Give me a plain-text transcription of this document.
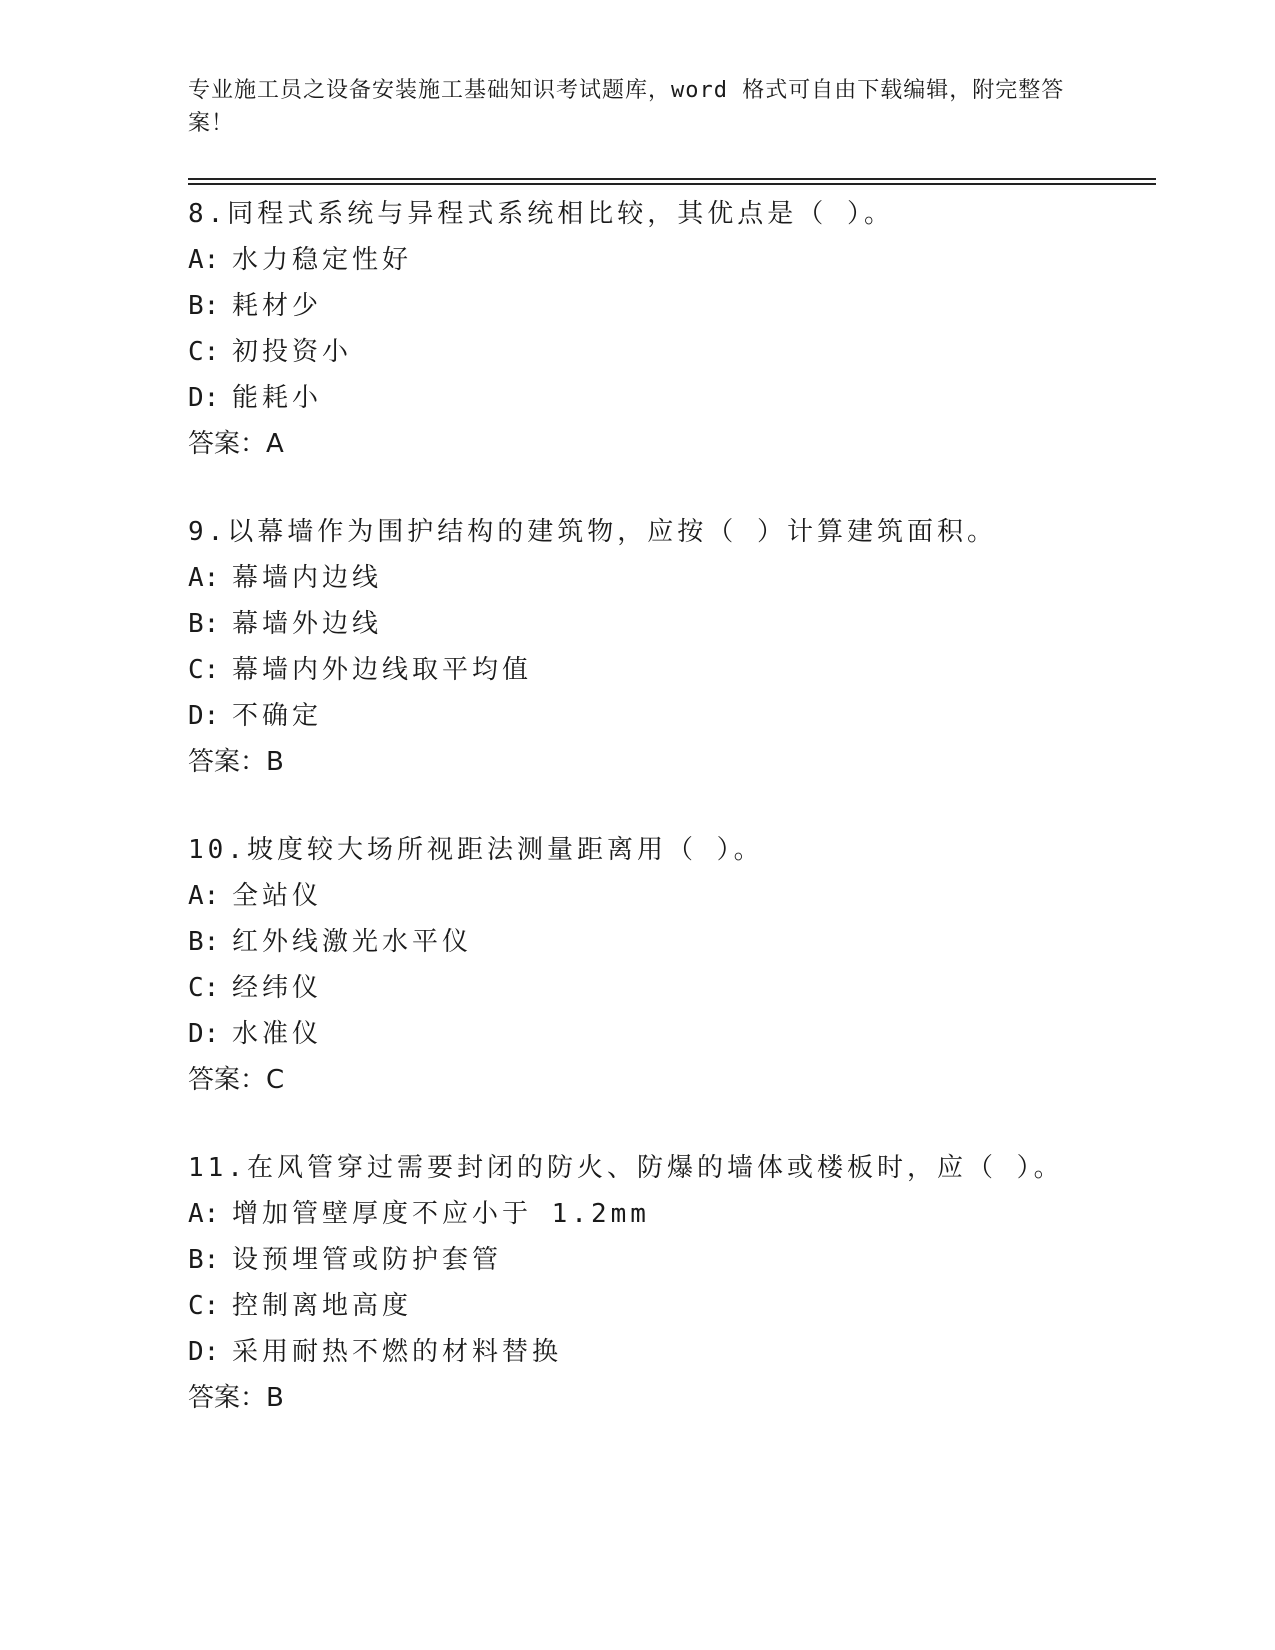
专业施工员之设备安装施工基础知识考试题库，word 格式可自由下载编辑，附完整答案！
8.同程式系统与异程式系统相比较，其优点是（ ）。
A: 水力稳定性好
B: 耗材少
C: 初投资小
D: 能耗小
答案：A
9.以幕墙作为围护结构的建筑物，应按（ ）计算建筑面积。
A: 幕墙内边线
B: 幕墙外边线
C: 幕墙内外边线取平均值
D: 不确定
答案：B
10.坡度较大场所视距法测量距离用（ ）。
A: 全站仪
B: 红外线激光水平仪
C: 经纬仪
D: 水准仪
答案：C
11.在风管穿过需要封闭的防火、防爆的墙体或楼板时，应（ ）。
A: 增加管壁厚度不应小于 1.2mm
B: 设预埋管或防护套管
C: 控制离地高度
D: 采用耐热不燃的材料替换
答案：B
